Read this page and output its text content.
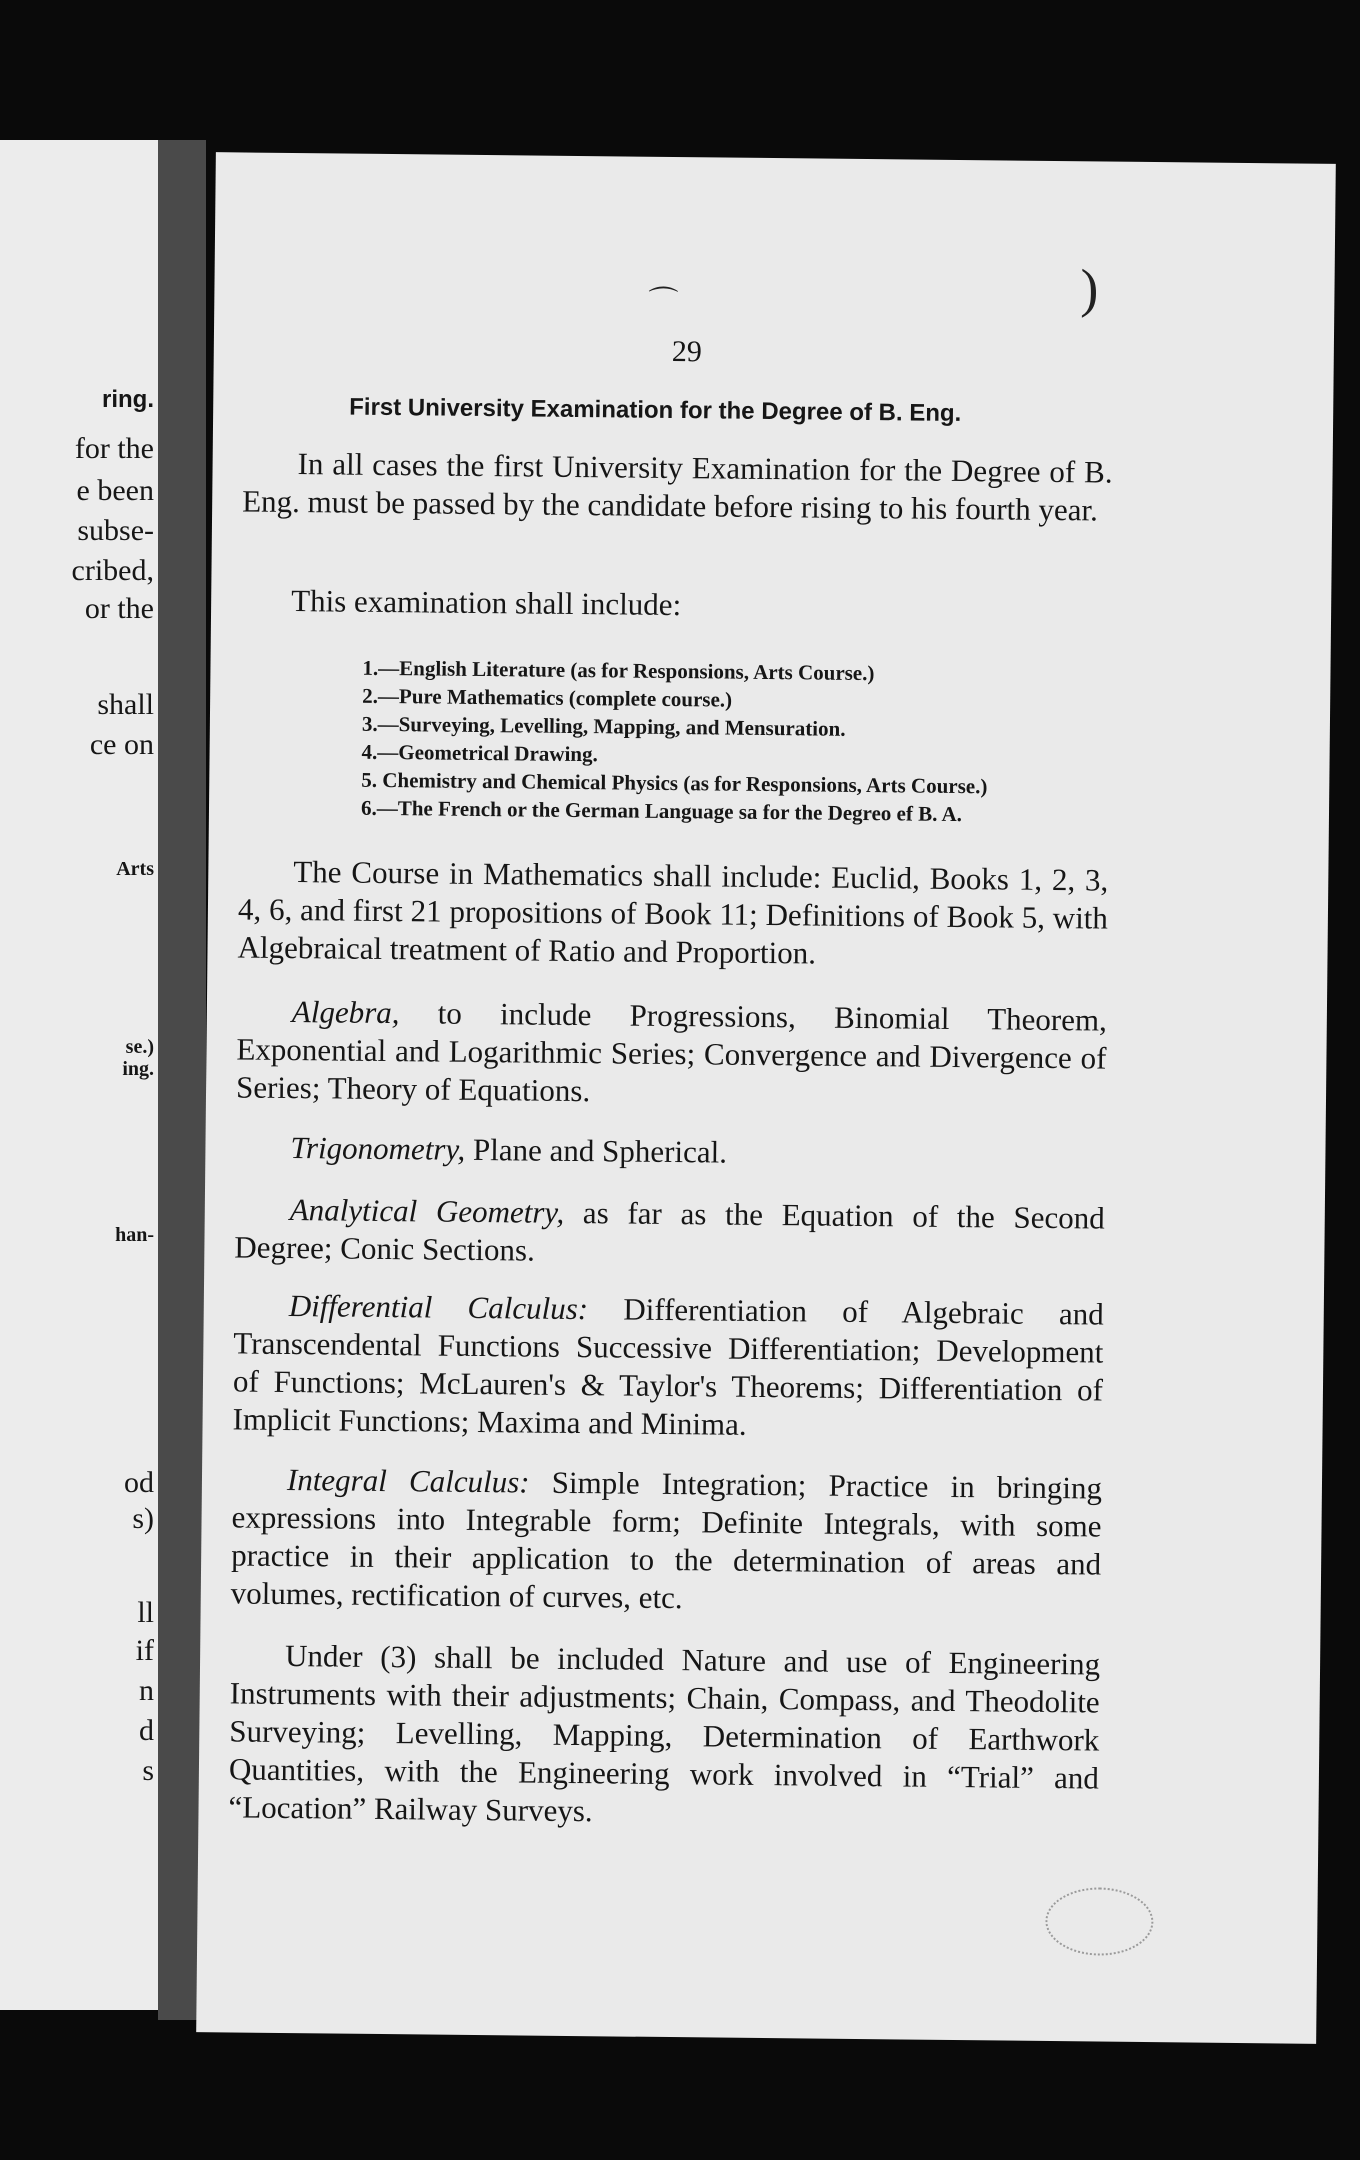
ring.
for the
e been
subse-
cribed,
or the
shall
ce on
Arts
se.)
ing.
han-
od
s)
ll
if
n
d
s
⌒	)
29
First University Examination for the Degree of B. Eng.

In all cases the first University Examination for the Degree of B. Eng. must be passed by the candidate before rising to his fourth year.

This examination shall include:
1.—English Literature (as for Responsions, Arts Course.)
2.—Pure Mathematics (complete course.)
3.—Surveying, Levelling, Mapping, and Mensuration.
4.—Geometrical Drawing.
5. Chemistry and Chemical Physics (as for Responsions, Arts Course.)
6.—The French or the German Language sa for the Degreo ef B. A.

The Course in Mathematics shall include: Euclid, Books 1, 2, 3, 4, 6, and first 21 propositions of Book 11; Definitions of Book 5, with Algebraical treatment of Ratio and Proportion.

Algebra, to include Progressions, Binomial Theorem, Exponential and Logarithmic Series; Convergence and Divergence of Series; Theory of Equations.

Trigonometry, Plane and Spherical.

Analytical Geometry, as far as the Equation of the Second Degree; Conic Sections.

Differential Calculus: Differentiation of Algebraic and Transcendental Functions Successive Differentiation; Development of Functions; McLauren's & Taylor's Theorems; Differentiation of Implicit Functions; Maxima and Minima.

Integral Calculus: Simple Integration; Practice in bringing expressions into Integrable form; Definite Integrals, with some practice in their application to the determination of areas and volumes, rectification of curves, etc.

Under (3) shall be included Nature and use of Engineering Instruments with their adjustments; Chain, Compass, and Theodolite Surveying; Levelling, Mapping, Determination of Earthwork Quantities, with the Engineering work involved in “Trial” and “Location” Railway Surveys.
